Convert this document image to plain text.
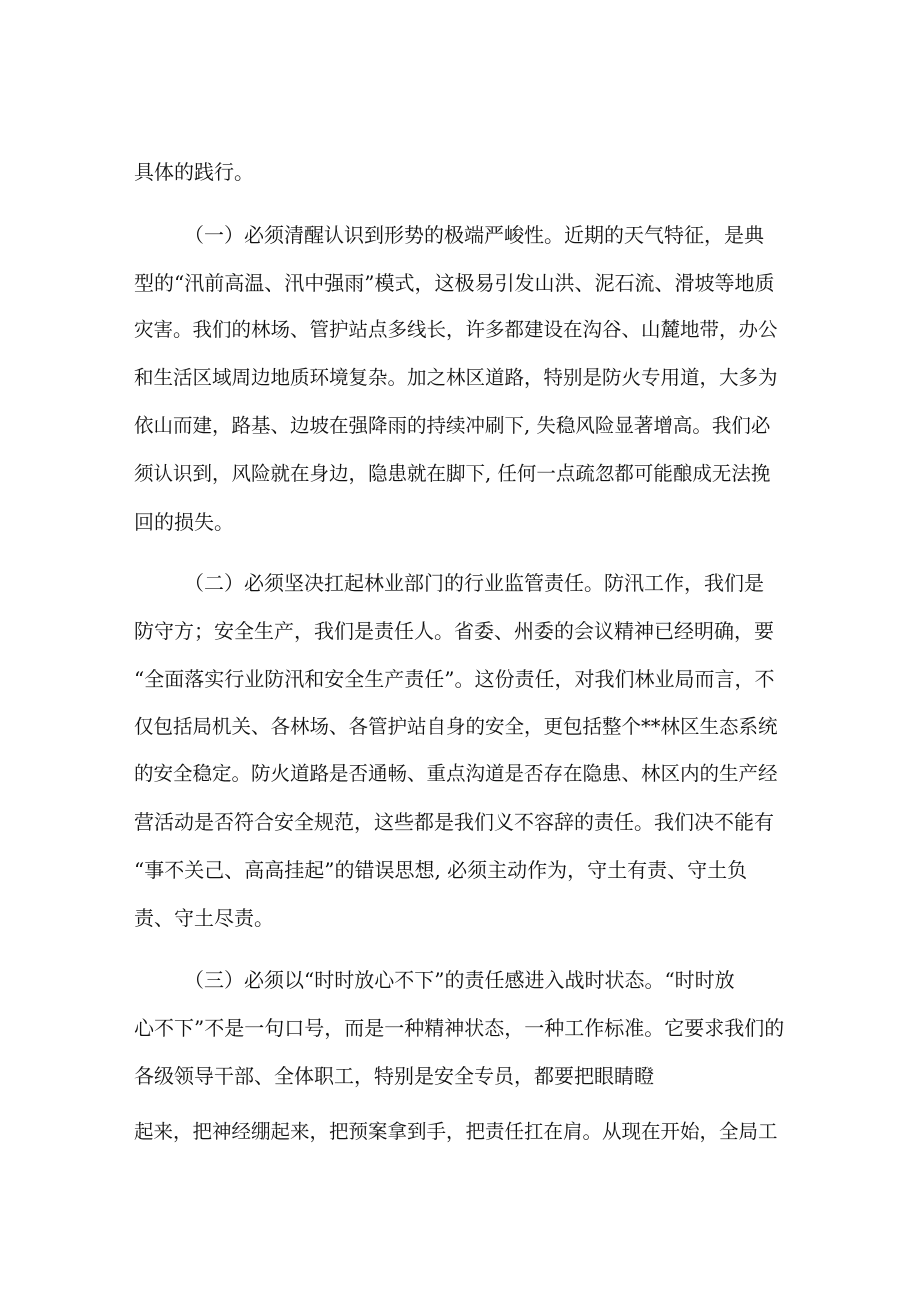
具体的践行。
（一）必须清醒认识到形势的极端严峻性。近期的天气特征，是典
型的“汛前高温、汛中强雨”模式，这极易引发山洪、泥石流、滑坡等地质
灾害。我们的林场、管护站点多线长，许多都建设在沟谷、山麓地带，办公
和生活区域周边地质环境复杂。加之林区道路，特别是防火专用道，大多为
依山而建，路基、边坡在强降雨的持续冲刷下, 失稳风险显著增高。我们必
须认识到，风险就在身边，隐患就在脚下, 任何一点疏忽都可能酿成无法挽
回的损失。
（二）必须坚决扛起林业部门的行业监管责任。防汛工作，我们是
防守方；安全生产，我们是责任人。省委、州委的会议精神已经明确，要
“全面落实行业防汛和安全生产责任”。这份责任，对我们林业局而言，不
仅包括局机关、各林场、各管护站自身的安全，更包括整个**林区生态系统
的安全稳定。防火道路是否通畅、重点沟道是否存在隐患、林区内的生产经
营活动是否符合安全规范，这些都是我们义不容辞的责任。我们决不能有
“事不关己、高高挂起”的错误思想, 必须主动作为，守土有责、守土负
责、守土尽责。
（三）必须以“时时放心不下”的责任感进入战时状态。“时时放
心不下”不是一句口号，而是一种精神状态，一种工作标准。它要求我们的
各级领导干部、全体职工，特别是安全专员，都要把眼睛瞪
起来，把神经绷起来，把预案拿到手，把责任扛在肩。从现在开始，全局工
